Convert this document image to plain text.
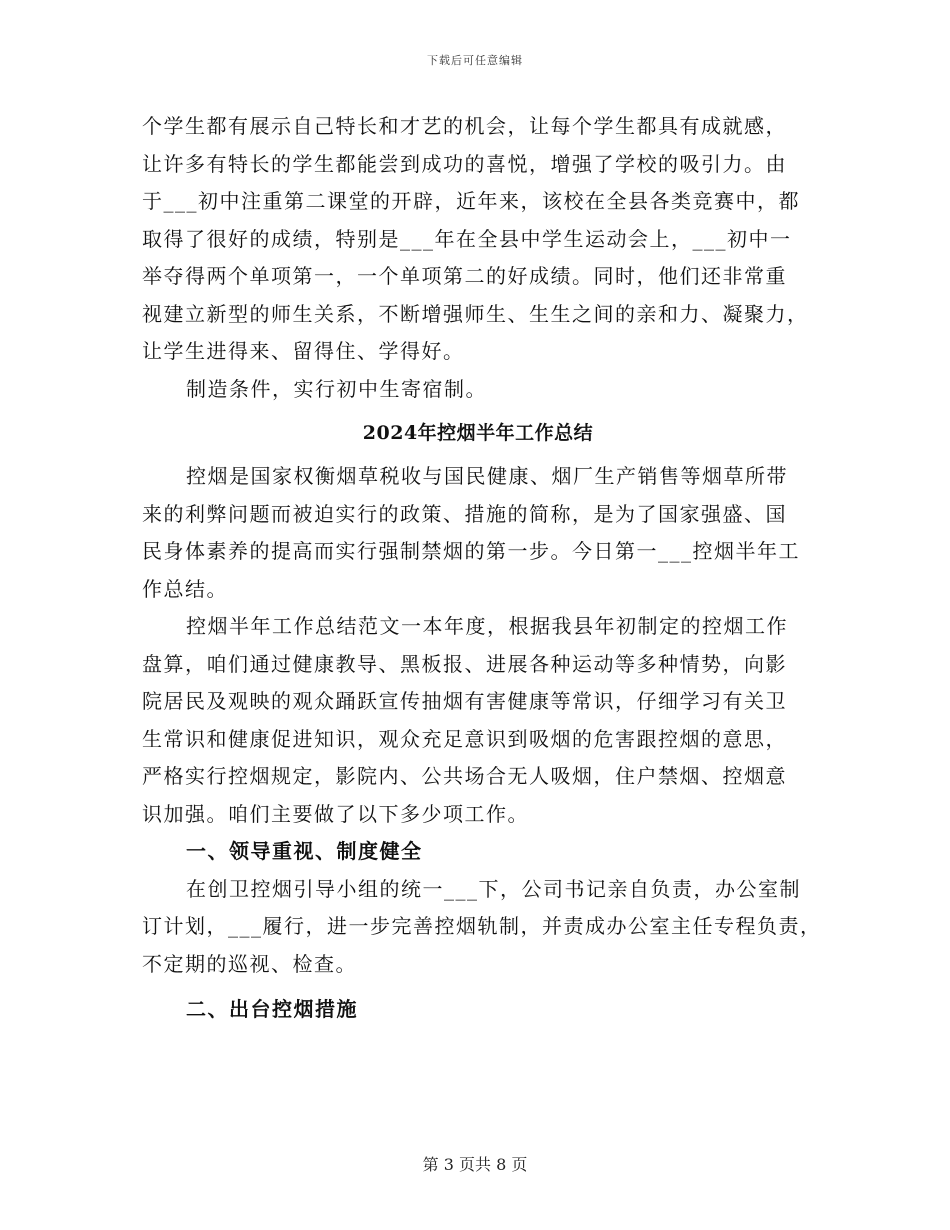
下载后可任意编辑
个学生都有展示自己特长和才艺的机会，让每个学生都具有成就感，
让许多有特长的学生都能尝到成功的喜悦，增强了学校的吸引力。由
于___初中注重第二课堂的开辟，近年来，该校在全县各类竞赛中，都
取得了很好的成绩，特别是___年在全县中学生运动会上，___初中一
举夺得两个单项第一，一个单项第二的好成绩。同时，他们还非常重
视建立新型的师生关系，不断增强师生、生生之间的亲和力、凝聚力，
让学生进得来、留得住、学得好。
制造条件，实行初中生寄宿制。
2024年控烟半年工作总结
控烟是国家权衡烟草税收与国民健康、烟厂生产销售等烟草所带
来的利弊问题而被迫实行的政策、措施的简称，是为了国家强盛、国
民身体素养的提高而实行强制禁烟的第一步。今日第一___控烟半年工
作总结。
控烟半年工作总结范文一本年度，根据我县年初制定的控烟工作
盘算，咱们通过健康教导、黑板报、进展各种运动等多种情势，向影
院居民及观映的观众踊跃宣传抽烟有害健康等常识，仔细学习有关卫
生常识和健康促进知识，观众充足意识到吸烟的危害跟控烟的意思，
严格实行控烟规定，影院内、公共场合无人吸烟，住户禁烟、控烟意
识加强。咱们主要做了以下多少项工作。
一、领导重视、制度健全
在创卫控烟引导小组的统一___下，公司书记亲自负责，办公室制
订计划，___履行，进一步完善控烟轨制，并责成办公室主任专程负责，
不定期的巡视、检查。
二、出台控烟措施
第 3 页共 8 页
